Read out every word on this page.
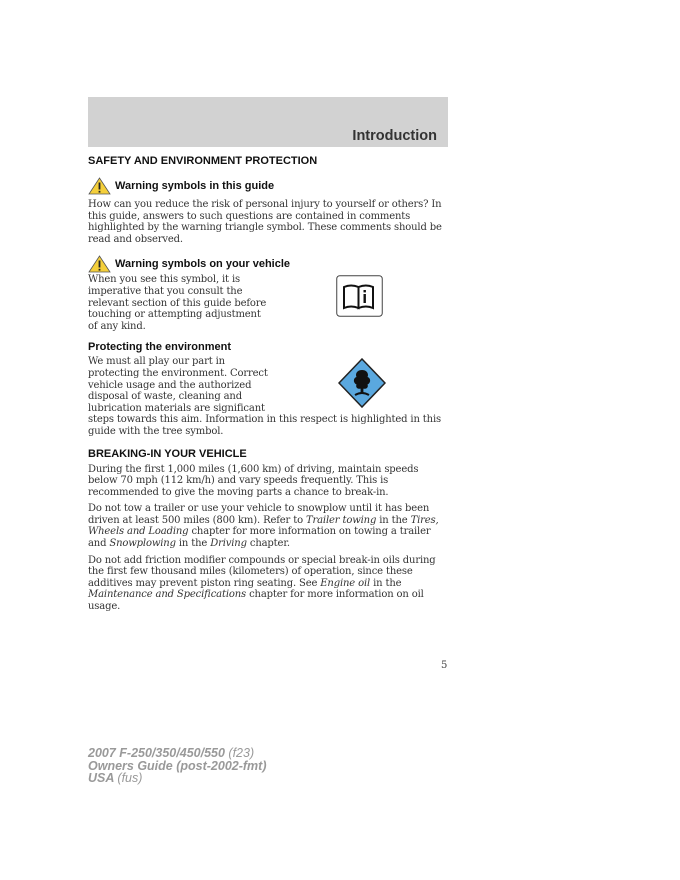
Introduction
SAFETY AND ENVIRONMENT PROTECTION
Warning symbols in this guide

How can you reduce the risk of personal injury to yourself or others? In this guide, answers to such questions are contained in comments highlighted by the warning triangle symbol. These comments should be read and observed.

Warning symbols on your vehicle

When you see this symbol, it is imperative that you consult the relevant section of this guide before touching or attempting adjustment of any kind.

Protecting the environment

We must all play our part in protecting the environment. Correct vehicle usage and the authorized disposal of waste, cleaning and lubrication materials are significant

steps towards this aim. Information in this respect is highlighted in this guide with the tree symbol.

BREAKING-IN YOUR VEHICLE

During the first 1,000 miles (1,600 km) of driving, maintain speeds below 70 mph (112 km/h) and vary speeds frequently. This is recommended to give the moving parts a chance to break-in.

Do not tow a trailer or use your vehicle to snowplow until it has been driven at least 500 miles (800 km). Refer to Trailer towing in the Tires, Wheels and Loading chapter for more information on towing a trailer and Snowplowing in the Driving chapter.

Do not add friction modifier compounds or special break-in oils during the first few thousand miles (kilometers) of operation, since these additives may prevent piston ring seating. See Engine oil in the Maintenance and Specifications chapter for more information on oil usage.

5
2007 F-250/350/450/550 (f23)
Owners Guide (post-2002-fmt)
USA (fus)
